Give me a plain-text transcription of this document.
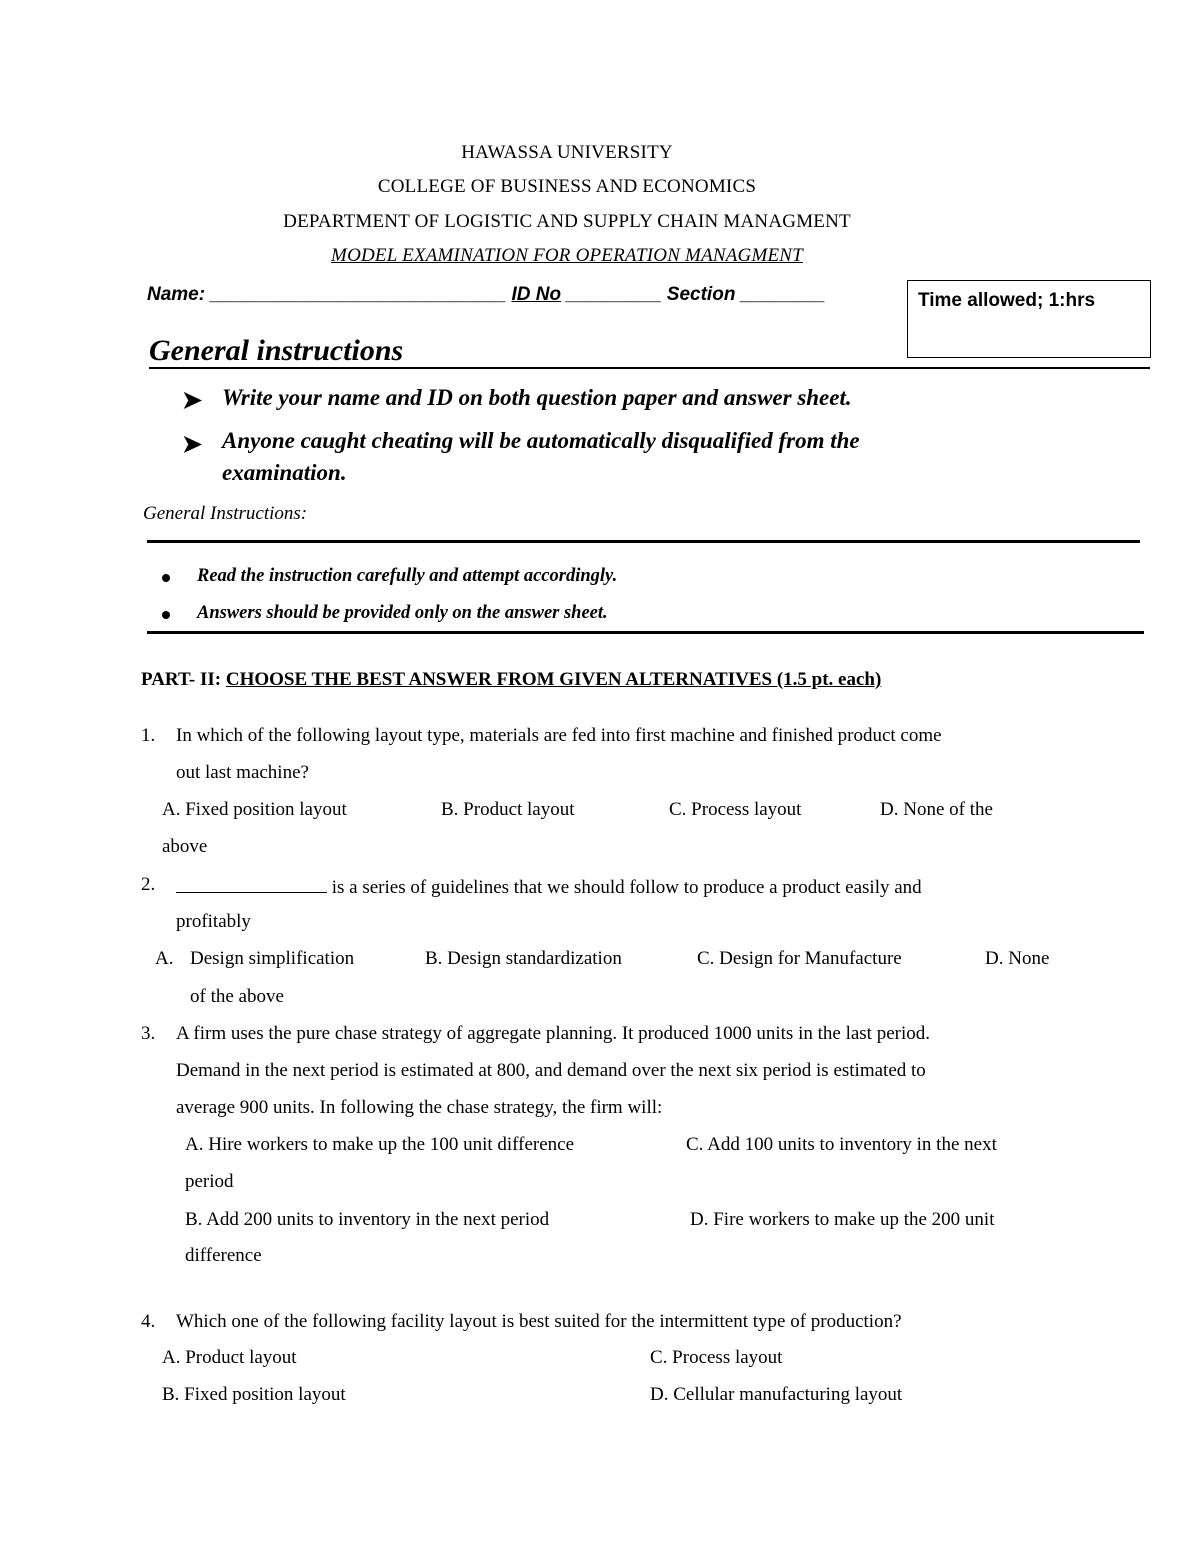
HAWASSA UNIVERSITY
COLLEGE OF BUSINESS AND ECONOMICS
DEPARTMENT OF LOGISTIC AND SUPPLY CHAIN MANAGMENT
MODEL EXAMINATION FOR OPERATION MANAGMENT
Name: ____________________________ ID No _________ Section ________	Time allowed; 1:hrs
General instructions
➤ Write your name and ID on both question paper and answer sheet.
➤ Anyone caught cheating will be automatically disqualified from the
examination.
General Instructions:
Read the instruction carefully and attempt accordingly.
Answers should be provided only on the answer sheet.
PART- II: CHOOSE THE BEST ANSWER FROM GIVEN ALTERNATIVES (1.5 pt. each)
1. In which of the following layout type, materials are fed into first machine and finished product come
out last machine?
A. Fixed position layout	B. Product layout	C. Process layout	D. None of the
above
2.	is a series of guidelines that we should follow to produce a product easily and
profitably
A. Design simplification	B. Design standardization	C. Design for Manufacture	D. None
of the above
3. A firm uses the pure chase strategy of aggregate planning. It produced 1000 units in the last period.
Demand in the next period is estimated at 800, and demand over the next six period is estimated to
average 900 units. In following the chase strategy, the firm will:
A. Hire workers to make up the 100 unit difference	C. Add 100 units to inventory in the next
period
B. Add 200 units to inventory in the next period	D. Fire workers to make up the 200 unit
difference
4. Which one of the following facility layout is best suited for the intermittent type of production?
A. Product layout	C. Process layout
B. Fixed position layout	D. Cellular manufacturing layout
